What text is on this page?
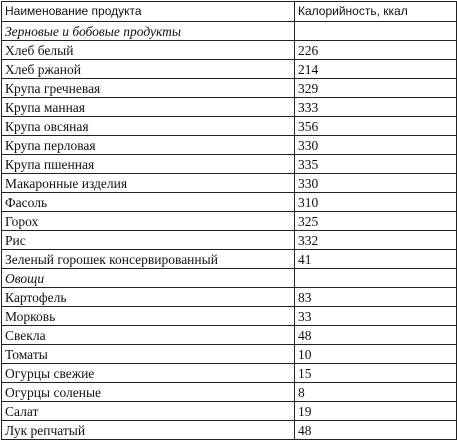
Наименование продукта	Калорийность, ккал
Зерновые и бобовые продукты	
Хлеб белый	226
Хлеб ржаной	214
Крупа гречневая	329
Крупа манная	333
Крупа овсяная	356
Крупа перловая	330
Крупа пшенная	335
Макаронные изделия	330
Фасоль	310
Горох	325
Рис	332
Зеленый горошек консервированный	41
Овощи	
Картофель	83
Морковь	33
Свекла	48
Томаты	10
Огурцы свежие	15
Огурцы соленые	8
Салат	19
Лук репчатый	48
